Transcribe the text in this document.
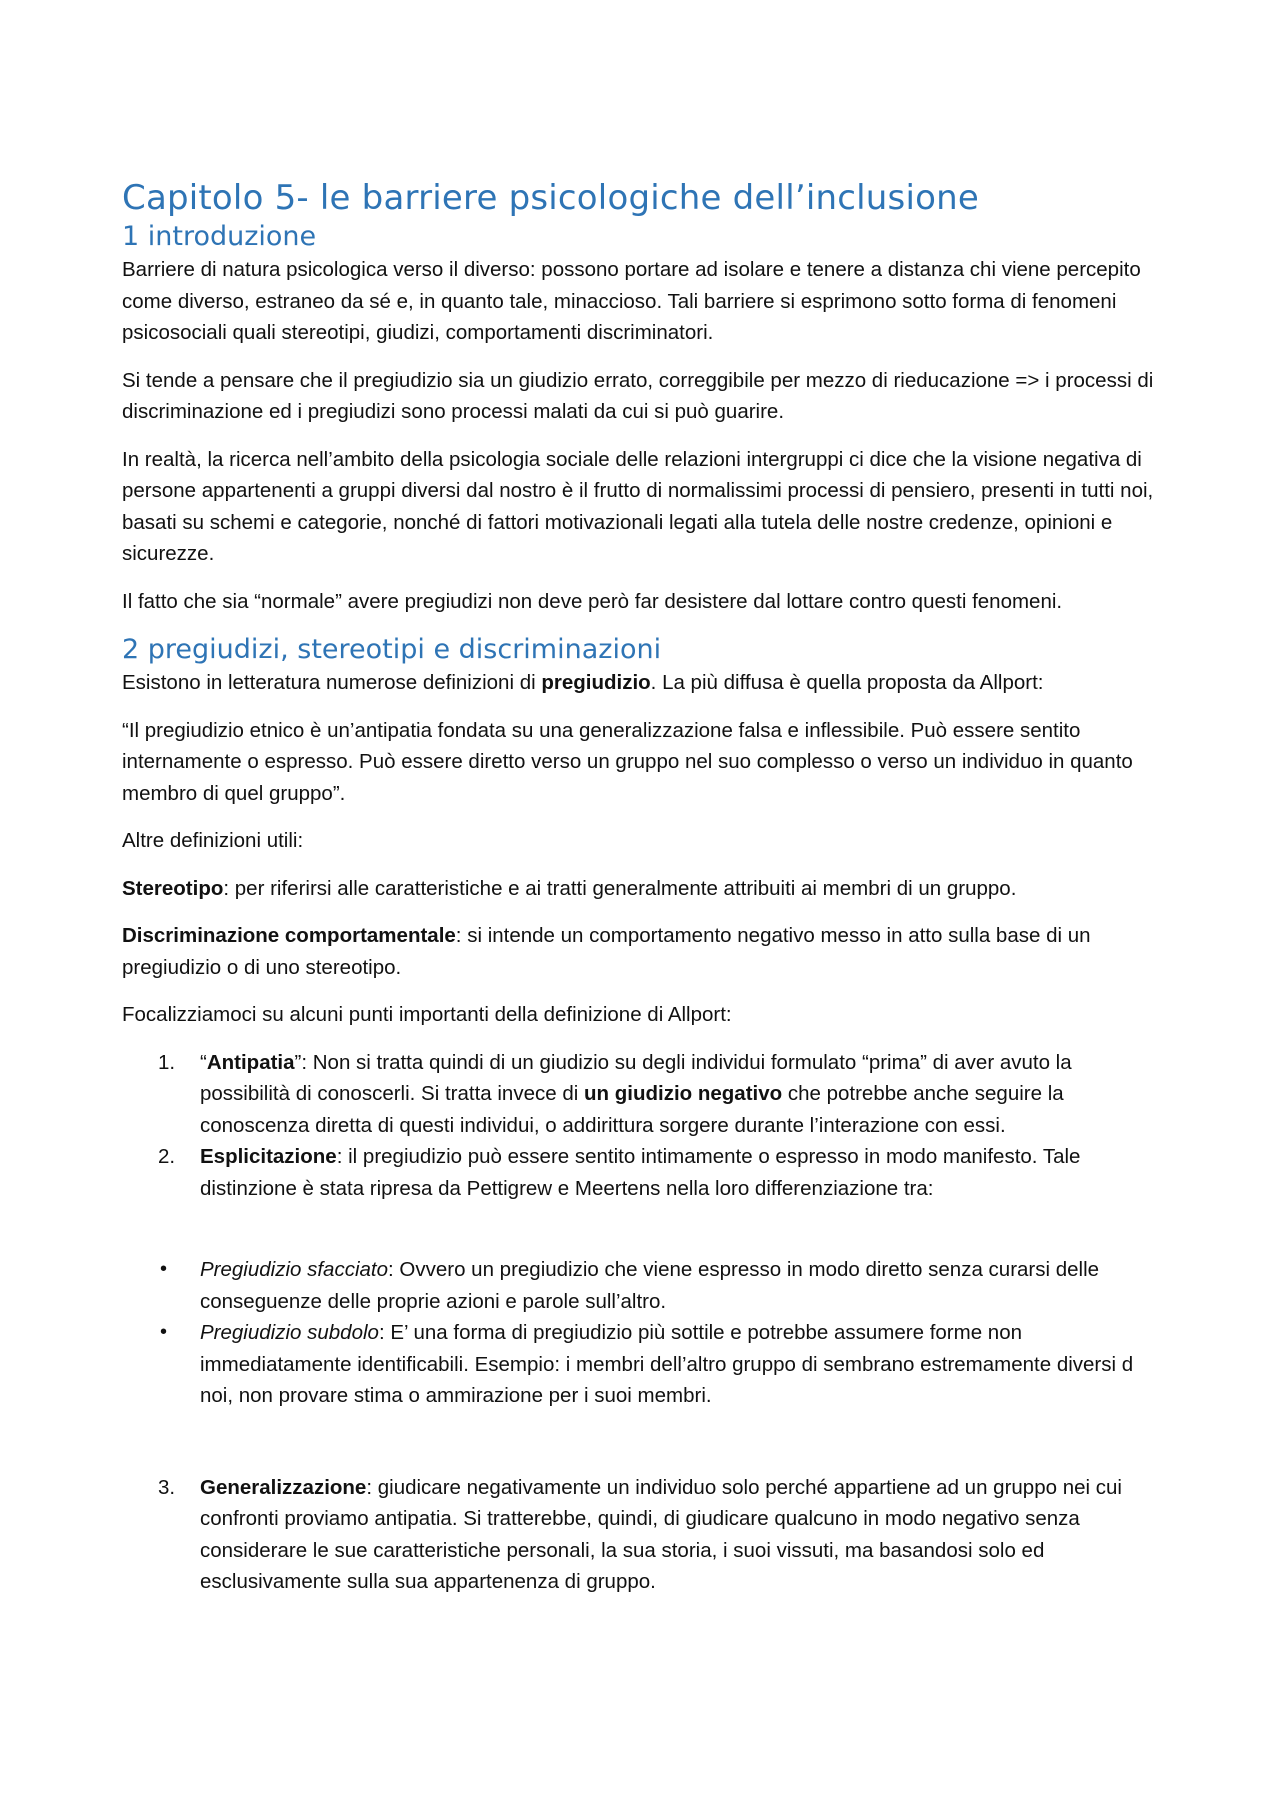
Capitolo 5- le barriere psicologiche dell’inclusione
1 introduzione

Barriere di natura psicologica verso il diverso: possono portare ad isolare e tenere a distanza chi viene percepito come diverso, estraneo da sé e, in quanto tale, minaccioso. Tali barriere si esprimono sotto forma di fenomeni psicosociali quali stereotipi, giudizi, comportamenti discriminatori.

Si tende a pensare che il pregiudizio sia un giudizio errato, correggibile per mezzo di rieducazione => i processi di discriminazione ed i pregiudizi sono processi malati da cui si può guarire.

In realtà, la ricerca nell’ambito della psicologia sociale delle relazioni intergruppi ci dice che la visione negativa di persone appartenenti a gruppi diversi dal nostro è il frutto di normalissimi processi di pensiero, presenti in tutti noi, basati su schemi e categorie, nonché di fattori motivazionali legati alla tutela delle nostre credenze, opinioni e sicurezze.

Il fatto che sia “normale” avere pregiudizi non deve però far desistere dal lottare contro questi fenomeni.

2 pregiudizi, stereotipi e discriminazioni

Esistono in letteratura numerose definizioni di pregiudizio. La più diffusa è quella proposta da Allport:

“Il pregiudizio etnico è un’antipatia fondata su una generalizzazione falsa e inflessibile. Può essere sentito internamente o espresso. Può essere diretto verso un gruppo nel suo complesso o verso un individuo in quanto membro di quel gruppo”.

Altre definizioni utili:

Stereotipo: per riferirsi alle caratteristiche e ai tratti generalmente attribuiti ai membri di un gruppo.

Discriminazione comportamentale: si intende un comportamento negativo messo in atto sulla base di un pregiudizio o di uno stereotipo.

Focalizziamoci su alcuni punti importanti della definizione di Allport:

1. “Antipatia”: Non si tratta quindi di un giudizio su degli individui formulato “prima” di aver avuto la possibilità di conoscerli. Si tratta invece di un giudizio negativo che potrebbe anche seguire la conoscenza diretta di questi individui, o addirittura sorgere durante l’interazione con essi.
2. Esplicitazione: il pregiudizio può essere sentito intimamente o espresso in modo manifesto. Tale distinzione è stata ripresa da Pettigrew e Meertens nella loro differenziazione tra:
• Pregiudizio sfacciato: Ovvero un pregiudizio che viene espresso in modo diretto senza curarsi delle conseguenze delle proprie azioni e parole sull’altro.
• Pregiudizio subdolo: E’ una forma di pregiudizio più sottile e potrebbe assumere forme non immediatamente identificabili. Esempio: i membri dell’altro gruppo di sembrano estremamente diversi d noi, non provare stima o ammirazione per i suoi membri.
3. Generalizzazione: giudicare negativamente un individuo solo perché appartiene ad un gruppo nei cui confronti proviamo antipatia. Si tratterebbe, quindi, di giudicare qualcuno in modo negativo senza considerare le sue caratteristiche personali, la sua storia, i suoi vissuti, ma basandosi solo ed esclusivamente sulla sua appartenenza di gruppo.
